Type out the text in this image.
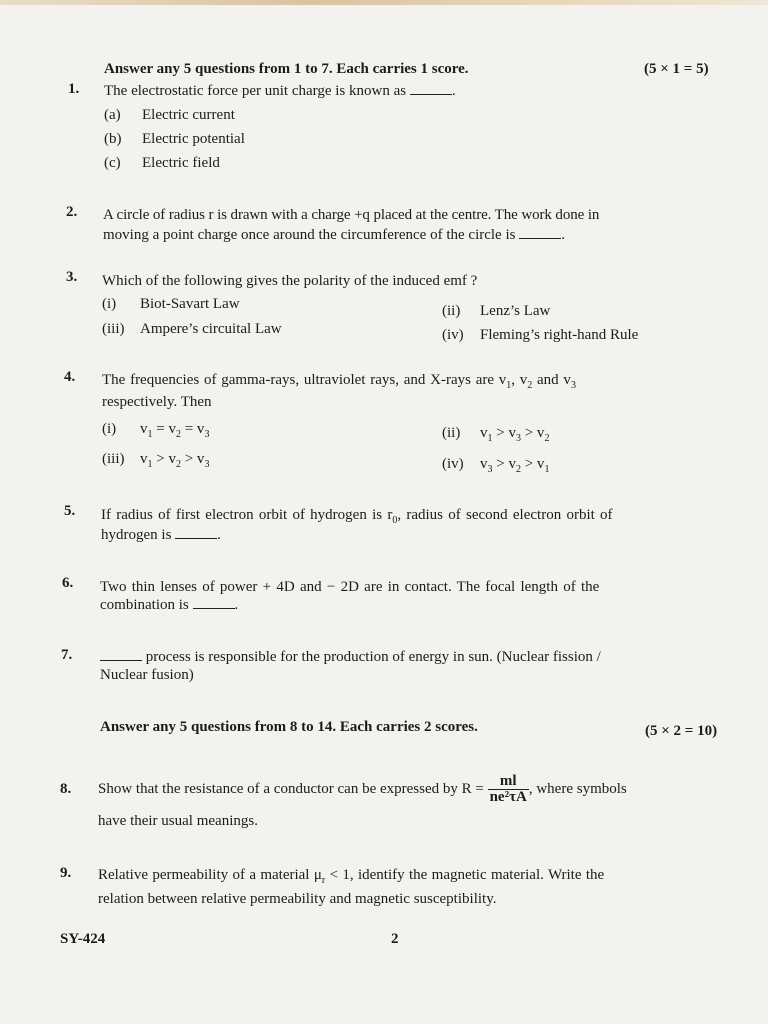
Answer any 5 questions from 1 to 7. Each carries 1 score.	(5 × 1 = 5)
1. The electrostatic force per unit charge is known as	.
(a) Electric current
(b) Electric potential
(c) Electric field
2. A circle of radius r is drawn with a charge +q placed at the centre. The work done in
moving a point charge once around the circumference of the circle is	.
3. Which of the following gives the polarity of the induced emf ?
(i) Biot-Savart Law	(ii) Lenz’s Law
(iii) Ampere’s circuital Law	(iv) Fleming’s right-hand Rule
4. The frequencies of gamma-rays, ultraviolet rays, and X-rays are $v_1$, $v_2$ and $v_3$
respectively. Then
(i) $v_1 = v_2 = v_3$	(ii) $v_1 > v_3 > v_2$
(iii) $v_1 > v_2 > v_3$	(iv) $v_3 > v_2 > v_1$
5. If radius of first electron orbit of hydrogen is $r_0$, radius of second electron orbit of
hydrogen is	.
6. Two thin lenses of power + 4D and − 2D are in contact. The focal length of the
combination is	.
7.	process is responsible for the production of energy in sun. (Nuclear fission /
Nuclear fusion)
Answer any 5 questions from 8 to 14. Each carries 2 scores.	(5 × 2 = 10)
8. Show that the resistance of a conductor can be expressed by $R = \frac{ml}{\text{ne²τA}}$ , where symbols
have their usual meanings.
9. Relative permeability of a material $\mu_r < 1$, identify the magnetic material. Write the
relation between relative permeability and magnetic susceptibility.
SY-424	2
